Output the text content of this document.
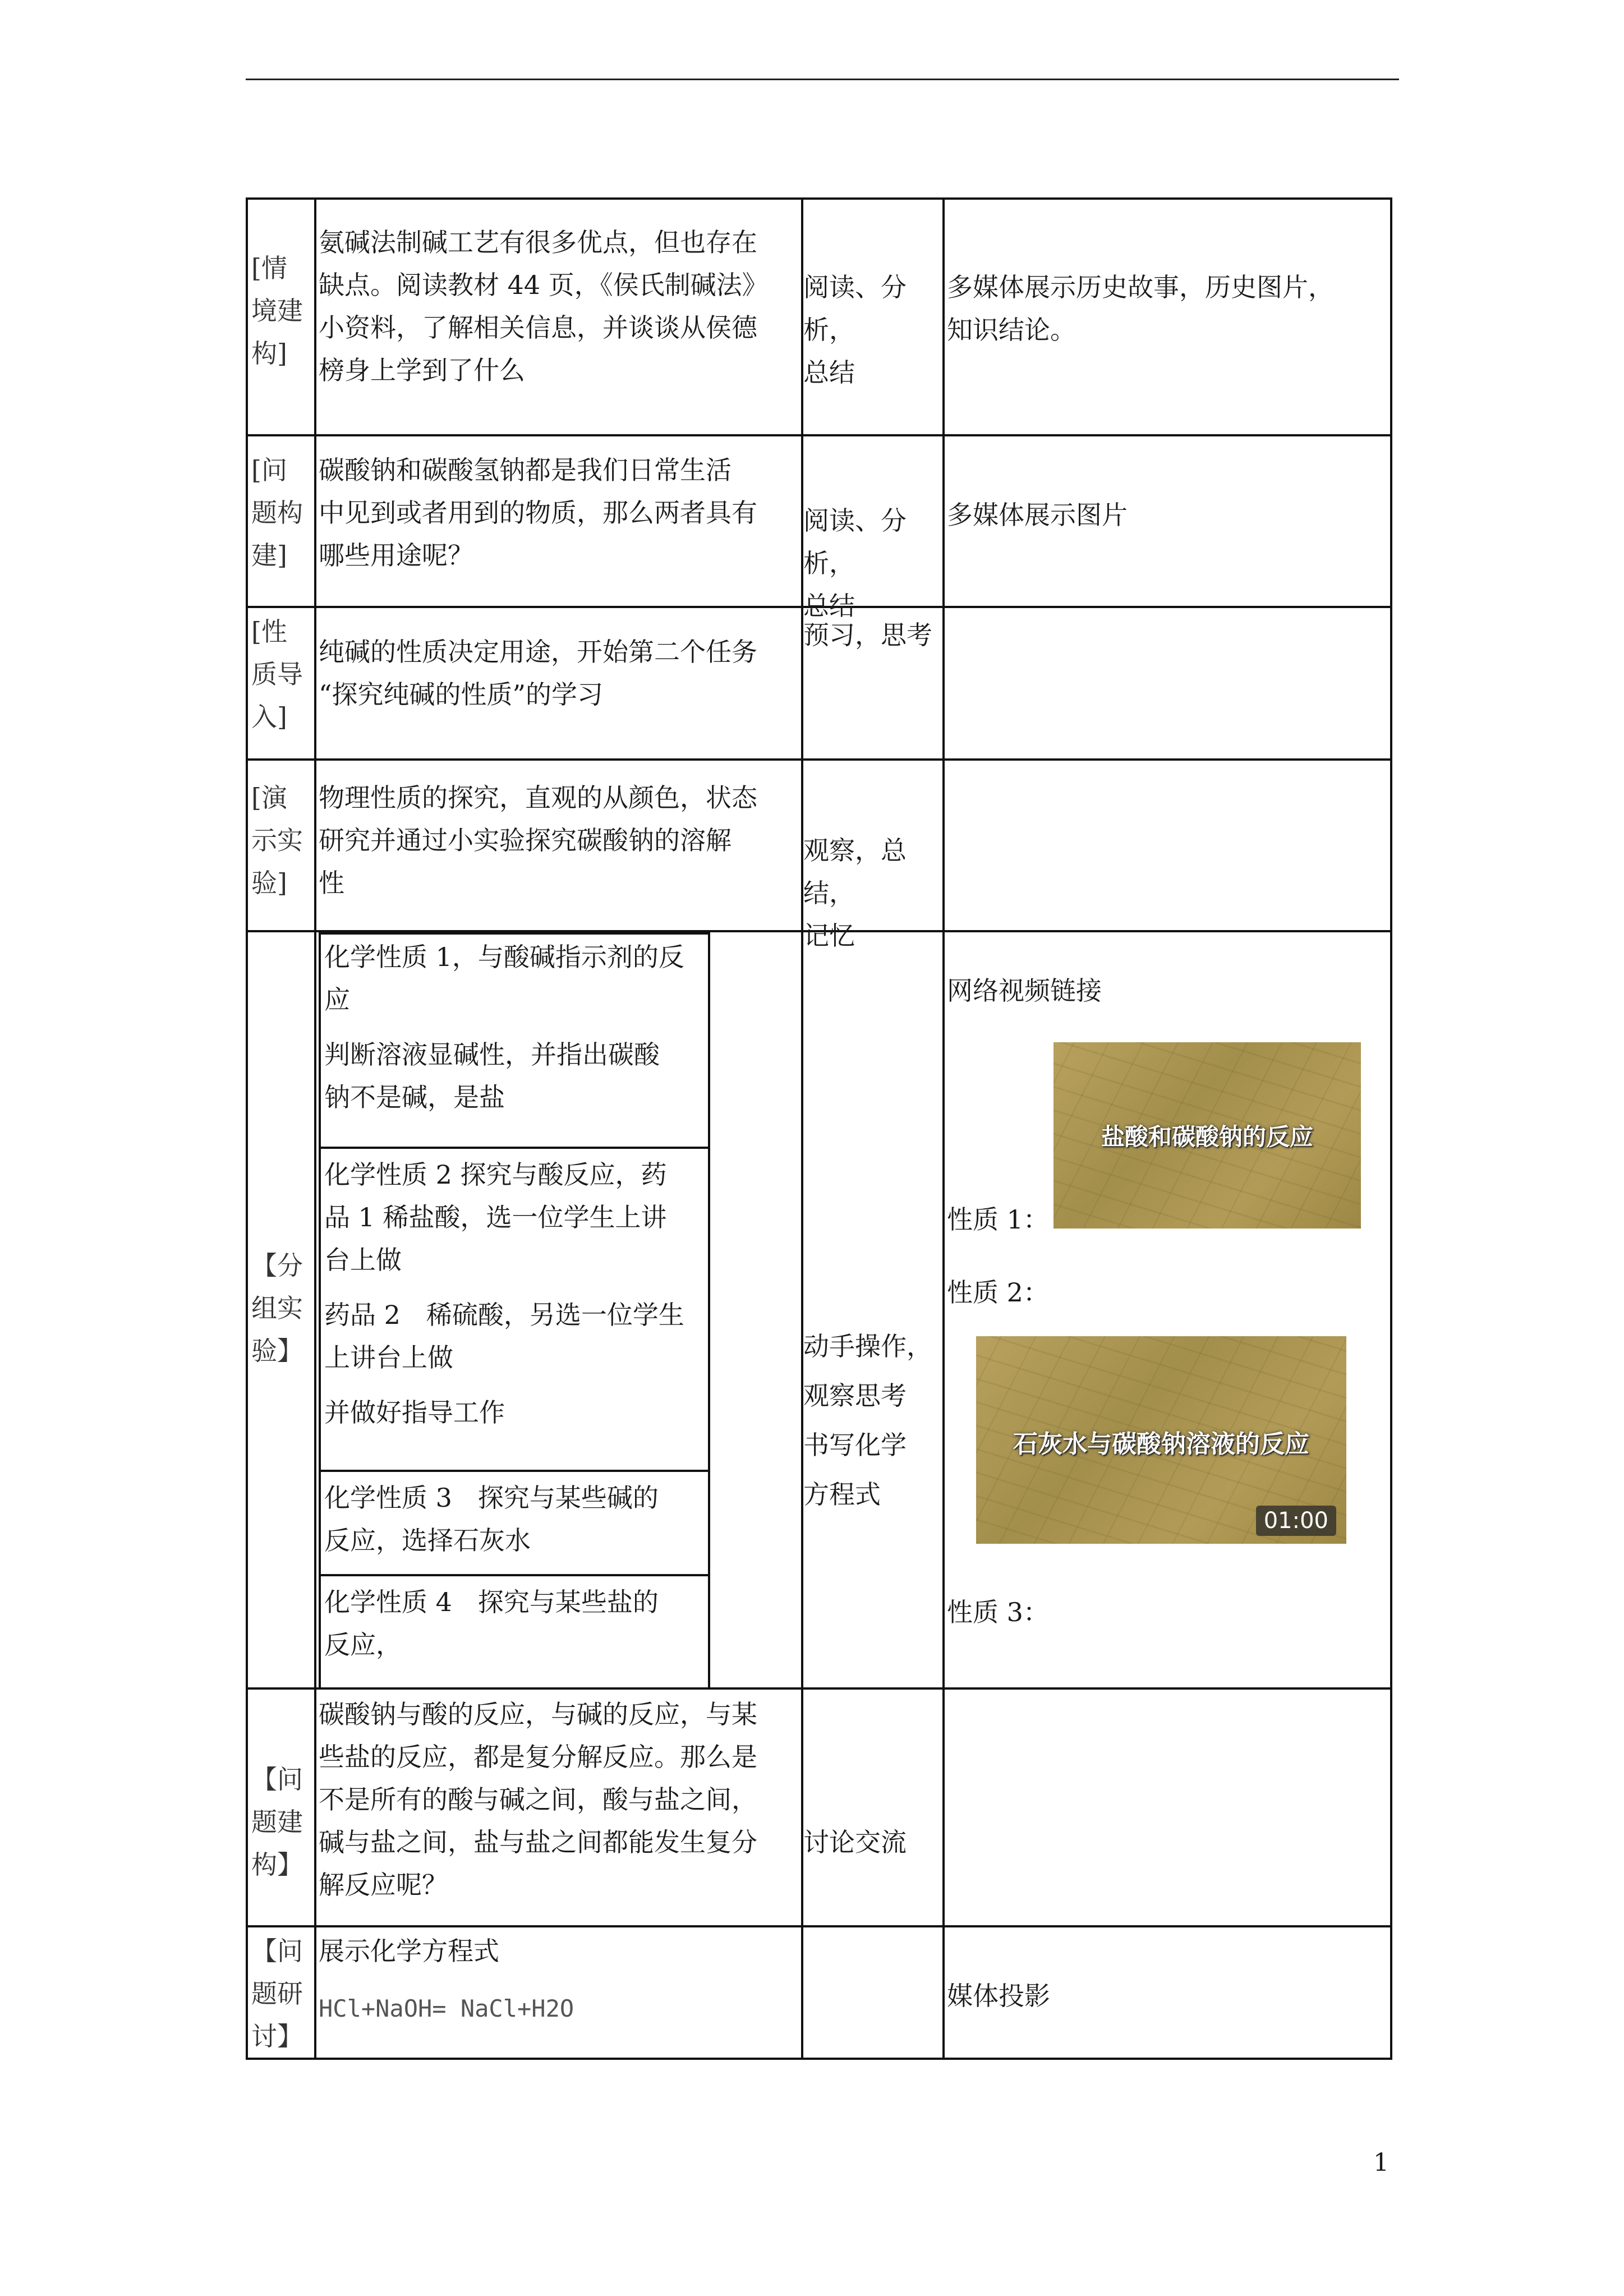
[情
境建
构]
氨碱法制碱工艺有很多优点，但也存在
缺点。阅读教材 44 页，《侯氏制碱法》
小资料，了解相关信息，并谈谈从侯德
榜身上学到了什么
阅读、分析，
总结
多媒体展示历史故事，历史图片，
知识结论。
[问
题构
建]
碳酸钠和碳酸氢钠都是我们日常生活
中见到或者用到的物质，那么两者具有
哪些用途呢？
阅读、分析，
总结
多媒体展示图片
[性
质导
入]
纯碱的性质决定用途，开始第二个任务
“探究纯碱的性质”的学习
预习，思考
[演
示实
验]
物理性质的探究，直观的从颜色，状态
研究并通过小实验探究碳酸钠的溶解
性
观察，总结，
记忆
【分
组实
验】
化学性质 1，与酸碱指示剂的反
应
判断溶液显碱性，并指出碳酸
钠不是碱，是盐
化学性质 2 探究与酸反应，药
品 1 稀盐酸，选一位学生上讲
台上做
药品 2　稀硫酸，另选一位学生
上讲台上做
并做好指导工作
化学性质 3　探究与某些碱的
反应，选择石灰水
化学性质 4　探究与某些盐的
反应，
动手操作，
观察思考
书写化学
方程式
网络视频链接
盐酸和碳酸钠的反应
性质 1：
性质 2：
石灰水与碳酸钠溶液的反应
01:00
性质 3：
【问
题建
构】
碳酸钠与酸的反应，与碱的反应，与某
些盐的反应，都是复分解反应。那么是
不是所有的酸与碱之间，酸与盐之间，
碱与盐之间，盐与盐之间都能发生复分
解反应呢？
讨论交流
【问
题研
讨】
展示化学方程式
HCl+NaOH= NaCl+H2O	媒体投影
1
